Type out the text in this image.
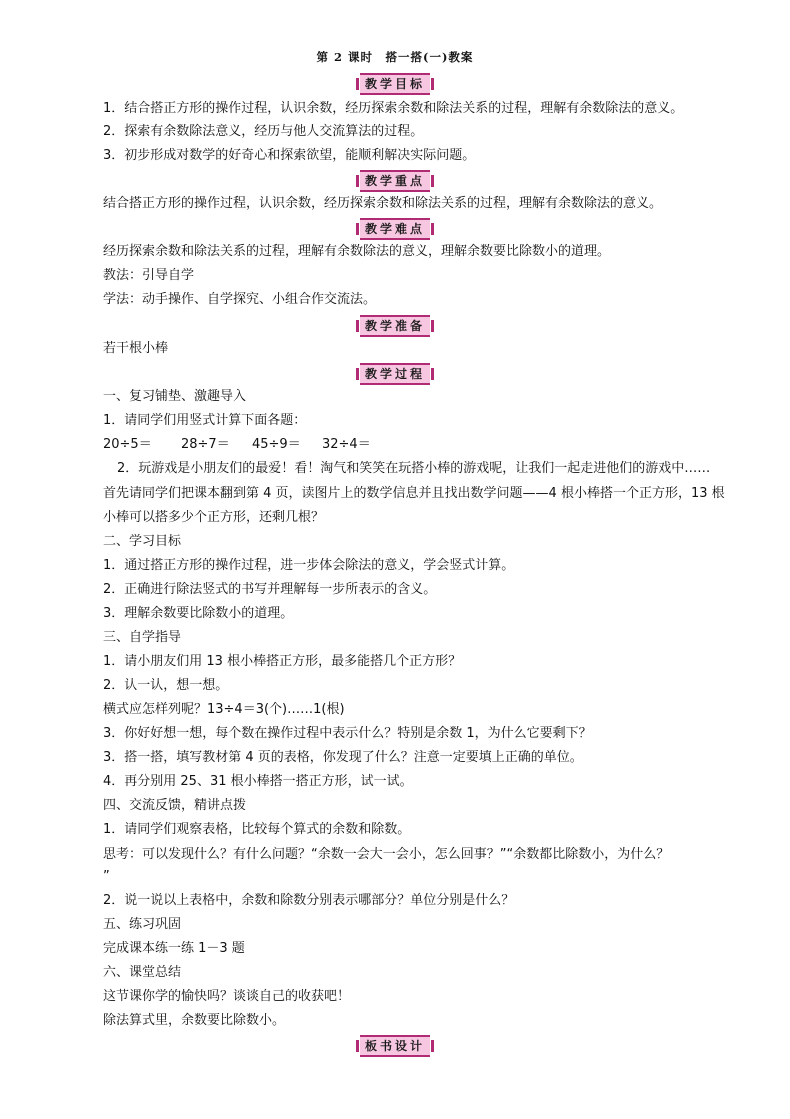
第 2 课时　搭一搭(一)教案
教学目标
1．结合搭正方形的操作过程，认识余数，经历探索余数和除法关系的过程，理解有余数除法的意义。
2．探索有余数除法意义，经历与他人交流算法的过程。
3．初步形成对数学的好奇心和探索欲望，能顺利解决实际问题。
教学重点
结合搭正方形的操作过程，认识余数，经历探索余数和除法关系的过程，理解有余数除法的意义。
教学难点
经历探索余数和除法关系的过程，理解有余数除法的意义，理解余数要比除数小的道理。
教法：引导自学
学法：动手操作、自学探究、小组合作交流法。
教学准备
若干根小棒
教学过程
一、复习铺垫、激趣导入
1．请同学们用竖式计算下面各题：
20÷5＝ 28÷7＝ 45÷9＝ 32÷4＝
2．玩游戏是小朋友们的最爱！看！淘气和笑笑在玩搭小棒的游戏呢，让我们一起走进他们的游戏中……
首先请同学们把课本翻到第 4 页，读图片上的数学信息并且找出数学问题——4 根小棒搭一个正方形，13 根
小棒可以搭多少个正方形，还剩几根？
二、学习目标
1．通过搭正方形的操作过程，进一步体会除法的意义，学会竖式计算。
2．正确进行除法竖式的书写并理解每一步所表示的含义。
3．理解余数要比除数小的道理。
三、自学指导
1．请小朋友们用 13 根小棒搭正方形，最多能搭几个正方形？
2．认一认，想一想。
横式应怎样列呢？13÷4＝3(个)……1(根)
3．你好好想一想，每个数在操作过程中表示什么？特别是余数 1，为什么它要剩下？
3．搭一搭，填写教材第 4 页的表格，你发现了什么？注意一定要填上正确的单位。
4．再分别用 25、31 根小棒搭一搭正方形，试一试。
四、交流反馈，精讲点拨
1．请同学们观察表格，比较每个算式的余数和除数。
思考：可以发现什么？有什么问题？“余数一会大一会小，怎么回事？”“余数都比除数小，为什么？
”
2．说一说以上表格中，余数和除数分别表示哪部分？单位分别是什么？
五、练习巩固
完成课本练一练 1－3 题
六、课堂总结
这节课你学的愉快吗？谈谈自己的收获吧！
除法算式里，余数要比除数小。
板书设计
